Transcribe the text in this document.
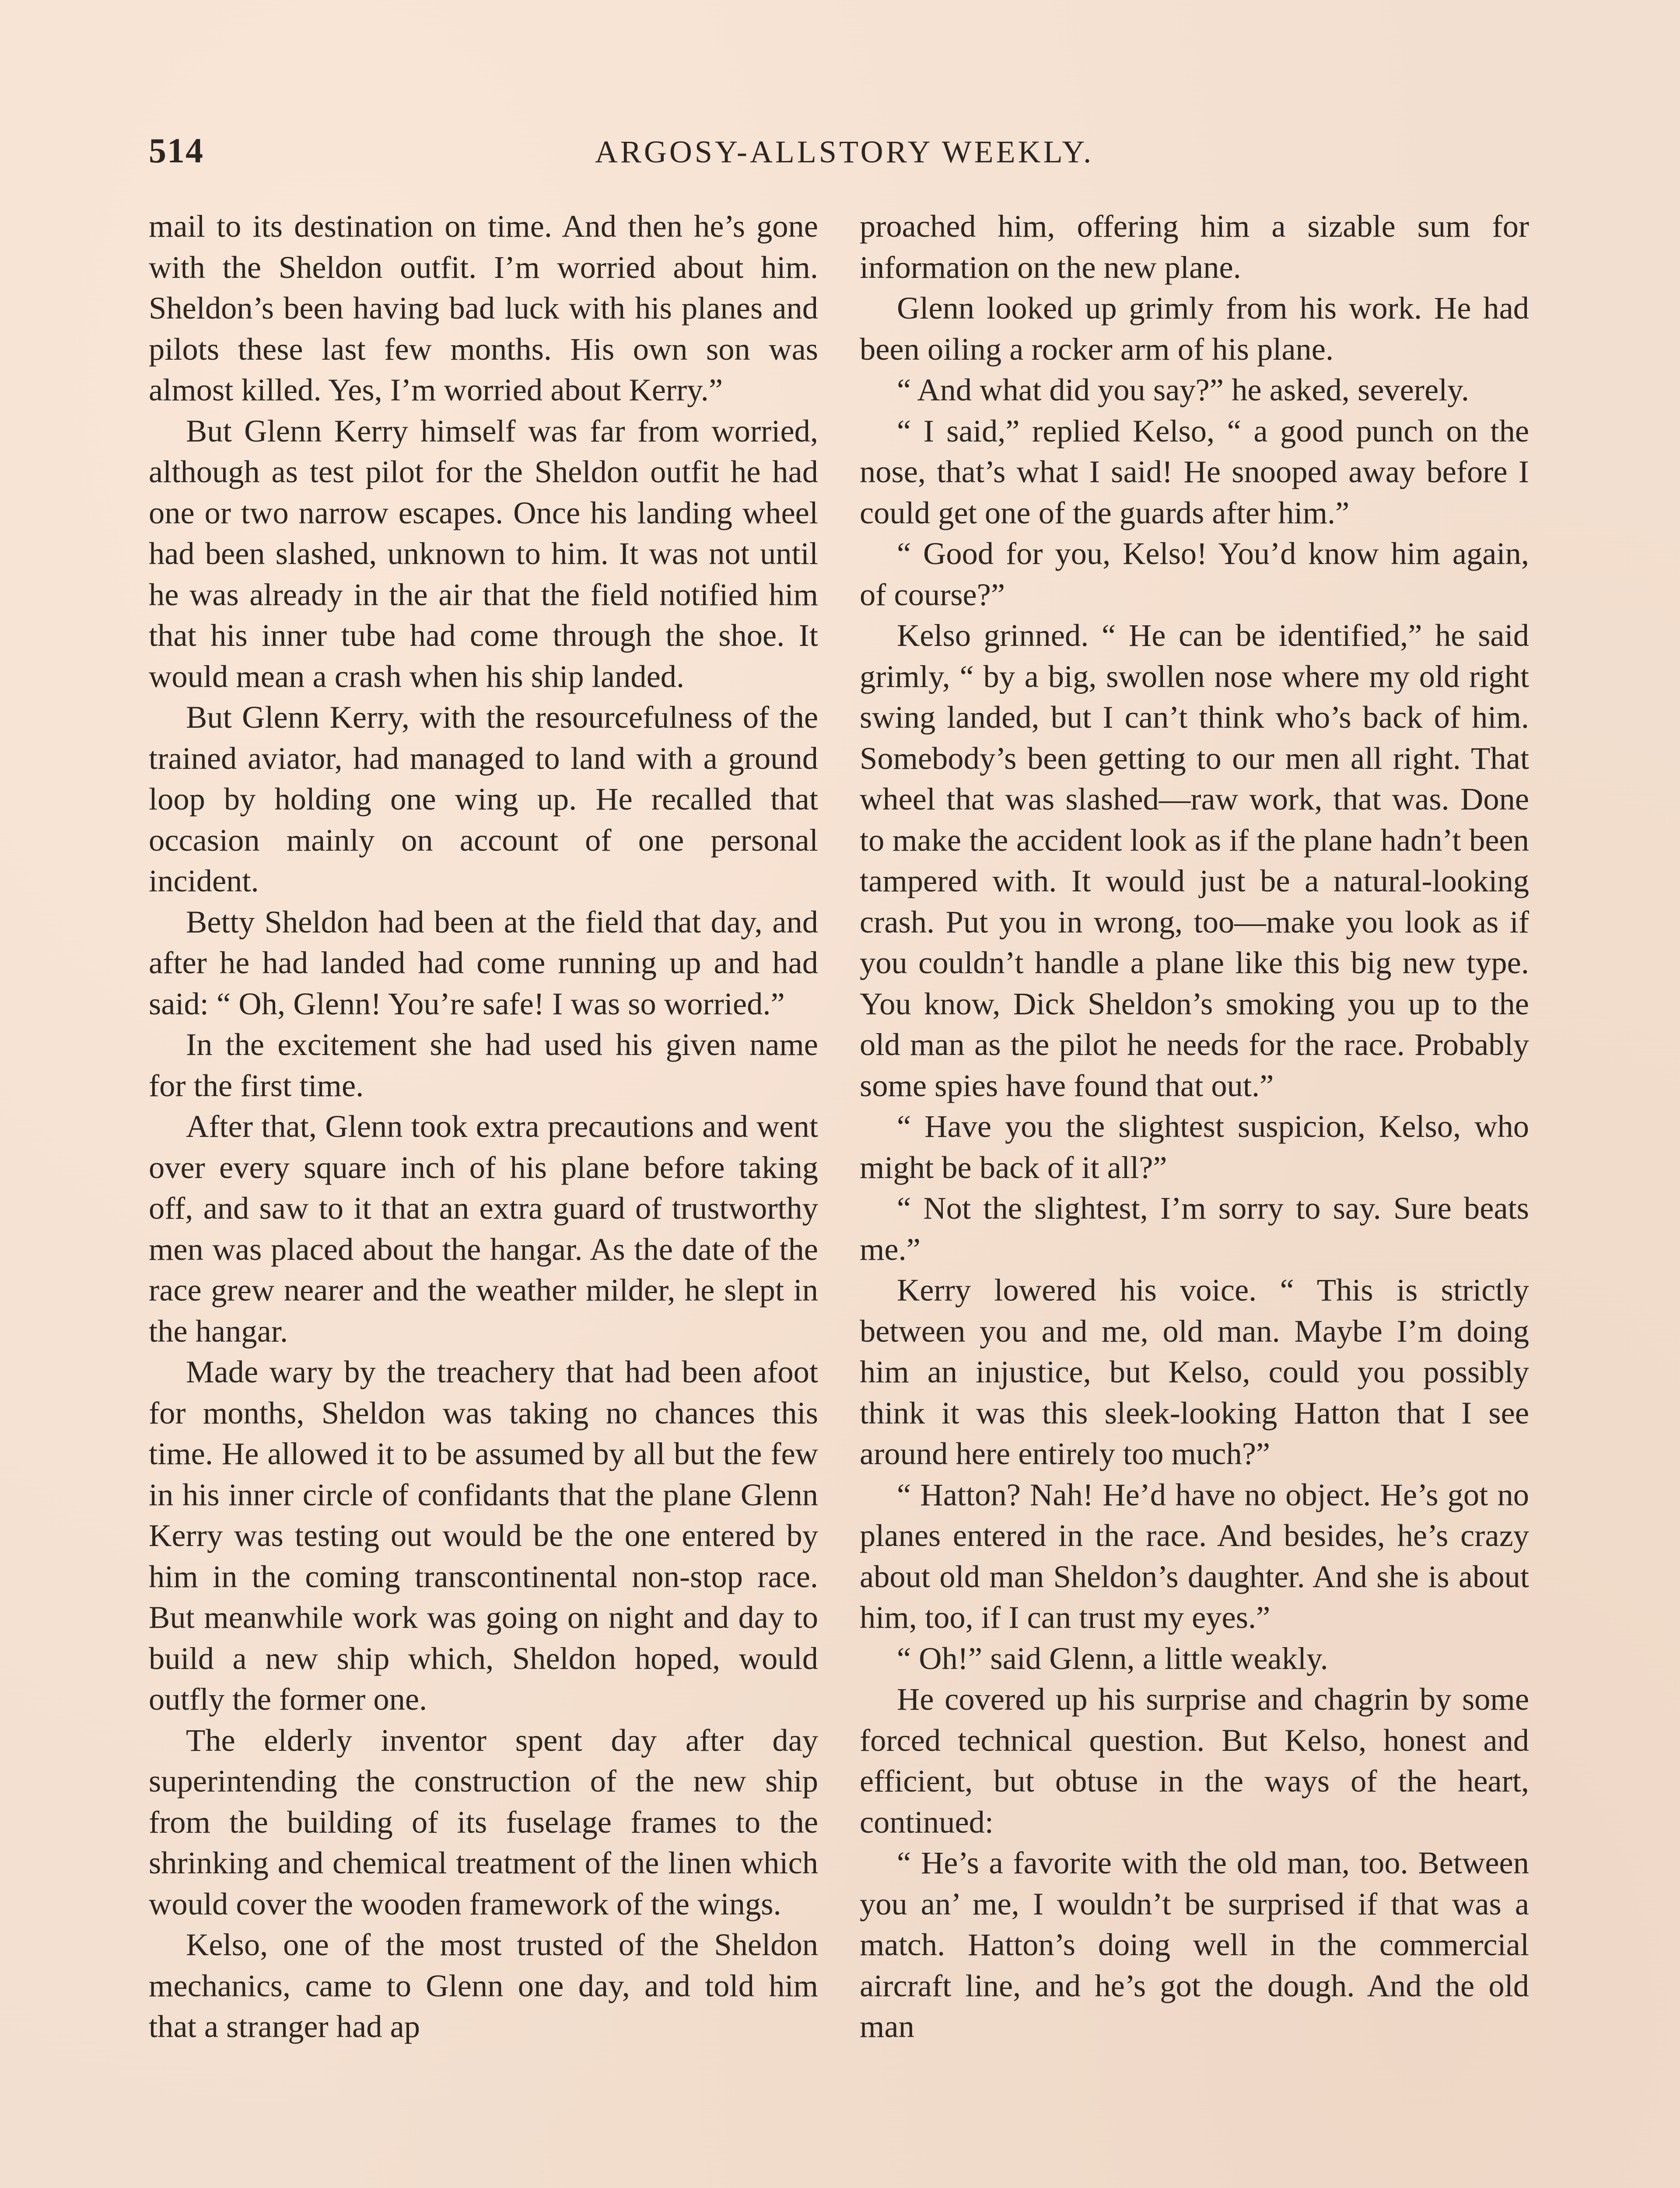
514	ARGOSY-ALLSTORY WEEKLY.

mail to its destination on time. And then he’s gone with the Sheldon outfit. I’m worried about him. Sheldon’s been having bad luck with his planes and pilots these last few months. His own son was almost killed. Yes, I’m worried about Kerry.”

But Glenn Kerry himself was far from worried, although as test pilot for the Sheldon outfit he had one or two narrow escapes. Once his landing wheel had been slashed, unknown to him. It was not until he was already in the air that the field notified him that his inner tube had come through the shoe. It would mean a crash when his ship landed.

But Glenn Kerry, with the resourcefulness of the trained aviator, had managed to land with a ground loop by holding one wing up. He recalled that occasion mainly on account of one personal incident.

Betty Sheldon had been at the field that day, and after he had landed had come running up and had said: “ Oh, Glenn! You’re safe! I was so worried.”

In the excitement she had used his given name for the first time.

After that, Glenn took extra precautions and went over every square inch of his plane before taking off, and saw to it that an extra guard of trustworthy men was placed about the hangar. As the date of the race grew nearer and the weather milder, he slept in the hangar.

Made wary by the treachery that had been afoot for months, Sheldon was taking no chances this time. He allowed it to be assumed by all but the few in his inner circle of confidants that the plane Glenn Kerry was testing out would be the one entered by him in the coming transcontinental non-stop race. But meanwhile work was going on night and day to build a new ship which, Sheldon hoped, would outfly the former one.

The elderly inventor spent day after day superintending the construction of the new ship from the building of its fuselage frames to the shrinking and chemical treatment of the linen which would cover the wooden framework of the wings.

Kelso, one of the most trusted of the Sheldon mechanics, came to Glenn one day, and told him that a stranger had ap

proached him, offering him a sizable sum for information on the new plane.

Glenn looked up grimly from his work. He had been oiling a rocker arm of his plane.

“ And what did you say?” he asked, severely.

“ I said,” replied Kelso, “ a good punch on the nose, that’s what I said! He snooped away before I could get one of the guards after him.”

“ Good for you, Kelso! You’d know him again, of course?”

Kelso grinned. “ He can be identified,” he said grimly, “ by a big, swollen nose where my old right swing landed, but I can’t think who’s back of him. Somebody’s been getting to our men all right. That wheel that was slashed—raw work, that was. Done to make the accident look as if the plane hadn’t been tampered with. It would just be a natural-looking crash. Put you in wrong, too—make you look as if you couldn’t handle a plane like this big new type. You know, Dick Sheldon’s smoking you up to the old man as the pilot he needs for the race. Probably some spies have found that out.”

“ Have you the slightest suspicion, Kelso, who might be back of it all?”

“ Not the slightest, I’m sorry to say. Sure beats me.”

Kerry lowered his voice. “ This is strictly between you and me, old man. Maybe I’m doing him an injustice, but Kelso, could you possibly think it was this sleek-looking Hatton that I see around here entirely too much?”

“ Hatton? Nah! He’d have no object. He’s got no planes entered in the race. And besides, he’s crazy about old man Sheldon’s daughter. And she is about him, too, if I can trust my eyes.”

“ Oh!” said Glenn, a little weakly.

He covered up his surprise and chagrin by some forced technical question. But Kelso, honest and efficient, but obtuse in the ways of the heart, continued:

“ He’s a favorite with the old man, too. Between you an’ me, I wouldn’t be surprised if that was a match. Hatton’s doing well in the commercial aircraft line, and he’s got the dough. And the old man
